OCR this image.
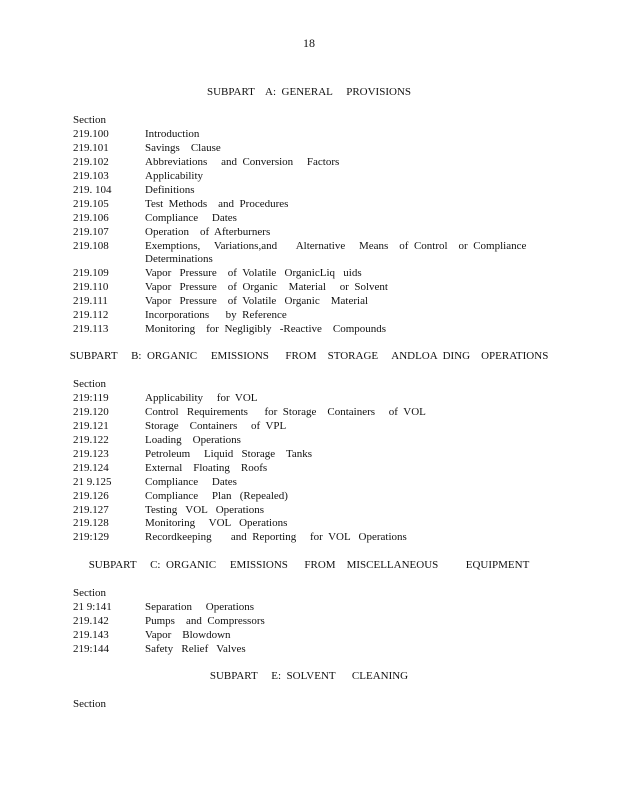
18
SUBPART    A:  GENERAL     PROVISIONS
Section
219.100	Introduction
219.101	Savings    Clause
219.102	Abbreviations     and  Conversion     Factors
219.103	Applicability
219. 104	Definitions
219.105	Test  Methods    and  Procedures
219.106	Compliance     Dates
219.107	Operation    of  Afterburners
219.108	Exemptions,     Variations,and       Alternative     Means    of  Control    or  Compliance
Determinations
219.109	Vapor   Pressure    of  Volatile   OrganicLiq   uids
219.110	Vapor   Pressure    of  Organic    Material     or  Solvent
219.111	Vapor   Pressure    of  Volatile   Organic    Material
219.112	Incorporations      by  Reference
219.113	Monitoring    for  Negligibly   -Reactive    Compounds
SUBPART     B:  ORGANIC     EMISSIONS      FROM    STORAGE     ANDLOA  DING    OPERATIONS
Section
219:119	Applicability     for  VOL
219.120	Control   Requirements      for  Storage    Containers     of  VOL
219.121	Storage    Containers     of  VPL
219.122	Loading    Operations
219.123	Petroleum     Liquid   Storage    Tanks
219.124	External    Floating    Roofs
21 9.125	Compliance     Dates
219.126	Compliance     Plan   (Repealed)
219.127	Testing   VOL   Operations
219.128	Monitoring     VOL   Operations
219:129	Recordkeeping       and  Reporting     for  VOL   Operations
SUBPART     C:  ORGANIC     EMISSIONS      FROM    MISCELLANEOUS          EQUIPMENT
Section
21 9:141	Separation     Operations
219.142	Pumps    and  Compressors
219.143	Vapor    Blowdown
219:144	Safety   Relief   Valves
SUBPART     E:  SOLVENT      CLEANING
Section
